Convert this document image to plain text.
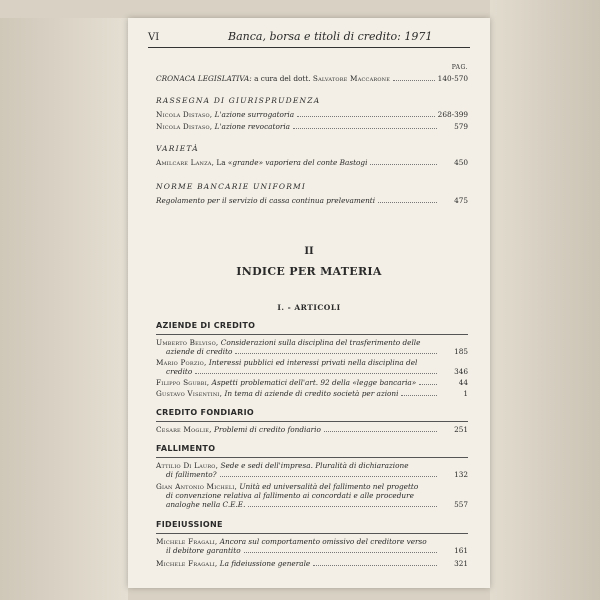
VI	Banca, borsa e titoli di credito: 1971
PAG.
CRONACA LEGISLATIVA: a cura del dott. Salvatore Maccarone	140-570
RASSEGNA DI GIURISPRUDENZA
Nicola Distaso, L'azione surrogatoria	268-399
Nicola Distaso, L'azione revocatoria	579
VARIETÀ
Amilcare Lanza, La «grande» vaporiera del conte Bastogi	450
NORME BANCARIE UNIFORMI
Regolamento per il servizio di cassa continua prelevamenti	475
II
INDICE PER MATERIA
I. - ARTICOLI
AZIENDE DI CREDITO
Umberto Belviso, Considerazioni sulla disciplina del trasferimento delle
aziende di credito	185
Mario Porzio, Interessi pubblici ed interessi privati nella disciplina del
credito	346
Filippo Sgubbi, Aspetti problematici dell'art. 92 della «legge bancaria»	44
Gustavo Visentini, In tema di aziende di credito società per azioni	1
CREDITO FONDIARIO
Cesare Moglie, Problemi di credito fondiario	251
FALLIMENTO
Attilio Di Lauro, Sede e sedi dell'impresa. Pluralità di dichiarazione
di fallimento?	132
Gian Antonio Micheli, Unità ed universalità del fallimento nel progetto
di convenzione relativa al fallimento ai concordati e alle procedure
analoghe nella C.E.E.	557
FIDEIUSSIONE
Michele Fragali, Ancora sul comportamento omissivo del creditore verso
il debitore garantito	161
Michele Fragali, La fideiussione generale	321
